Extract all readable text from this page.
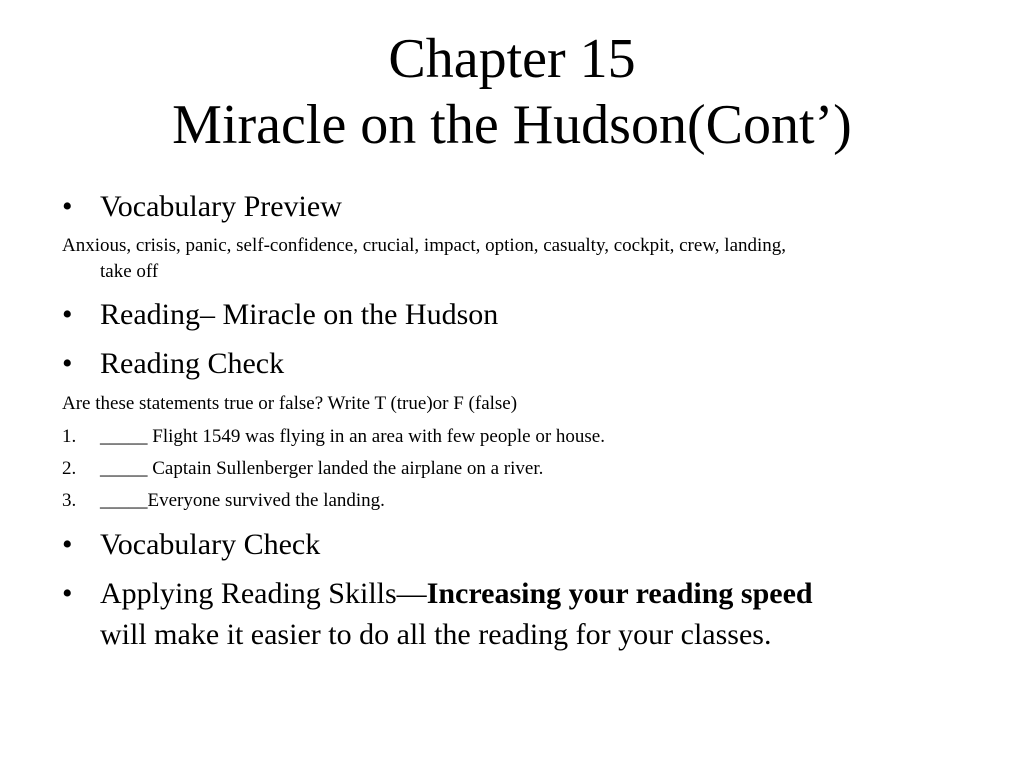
Chapter 15
Miracle on the Hudson(Cont’)
• Vocabulary Preview
Anxious, crisis, panic, self-confidence, crucial, impact, option, casualty, cockpit, crew, landing,
take off
• Reading– Miracle on the Hudson
• Reading Check
Are these statements true or false? Write T (true)or F (false)
1. _____ Flight 1549 was flying in an area with few people or house.
2. _____ Captain Sullenberger landed the airplane on a river.
3. _____Everyone survived the landing.
• Vocabulary Check
• Applying Reading Skills—Increasing your reading speed
will make it easier to do all the reading for your classes.
